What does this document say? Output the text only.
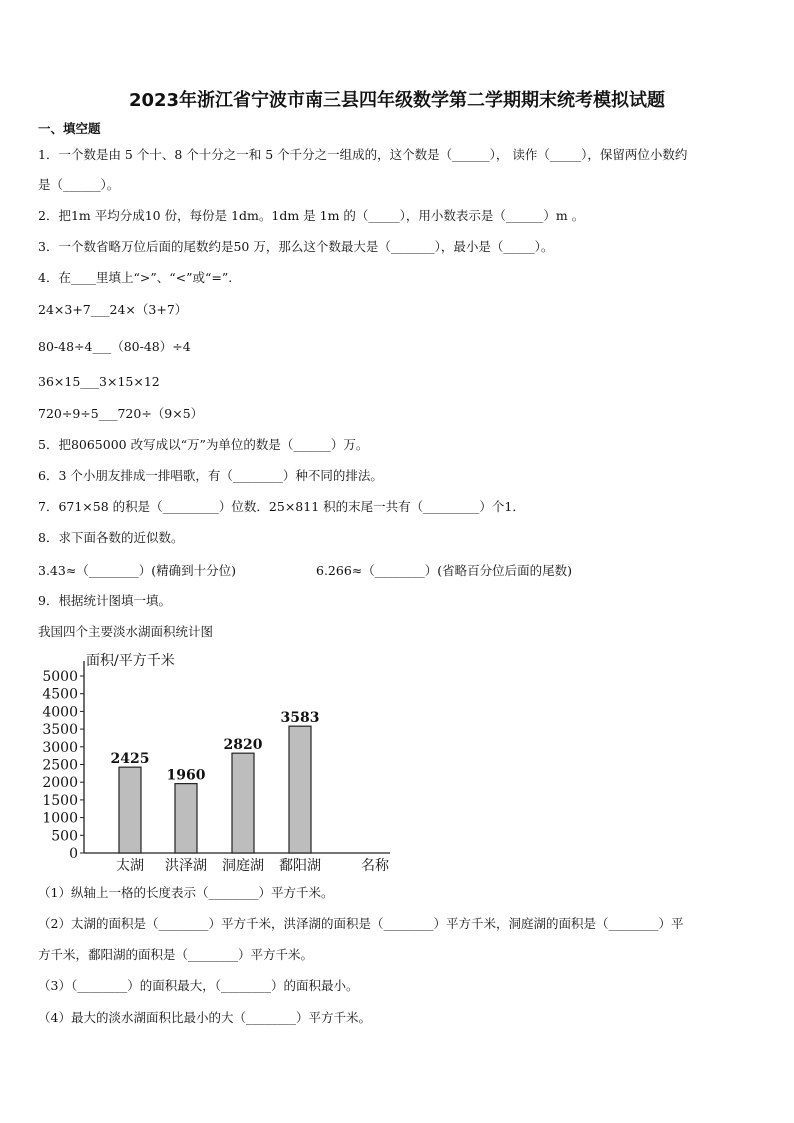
2023年浙江省宁波市南三县四年级数学第二学期期末统考模拟试题
一、填空题
1．一个数是由 5 个十、8 个十分之一和 5 个千分之一组成的，这个数是（______）， 读作（_____），保留两位小数约
是（______）。
2．把1m 平均分成10 份，每份是 1dm。1dm 是 1m 的（_____），用小数表示是（______）m 。
3．一个数省略万位后面的尾数约是50 万，那么这个数最大是（_______），最小是（_____）。
4．在____里填上“>”、“<”或“=”.
24×3+7___24×（3+7）
80-48÷4___（80-48）÷4
36×15___3×15×12
720÷9÷5___720÷（9×5）
5．把8065000 改写成以“万”为单位的数是（______）万。
6．3 个小朋友排成一排唱歌，有（________）种不同的排法。
7．671×58 的积是（_________）位数．25×811 积的末尾一共有（_________）个1．
8．求下面各数的近似数。
3.43≈（________）(精确到十分位)	6.266≈（________）(省略百分位后面的尾数)
9．根据统计图填一填。
我国四个主要淡水湖面积统计图
面积/平方千米
0
500
1000
1500
2000
2500
3000
3500
4000
4500
5000
2425
太湖
1960
洪泽湖
2820
洞庭湖
3583
鄱阳湖	名称
（1）纵轴上一格的长度表示（________）平方千米。
（2）太湖的面积是（________）平方千米，洪泽湖的面积是（________）平方千米，洞庭湖的面积是（________）平
方千米，鄱阳湖的面积是（________）平方千米。
（3）（________）的面积最大，（________）的面积最小。
（4）最大的淡水湖面积比最小的大（________）平方千米。
